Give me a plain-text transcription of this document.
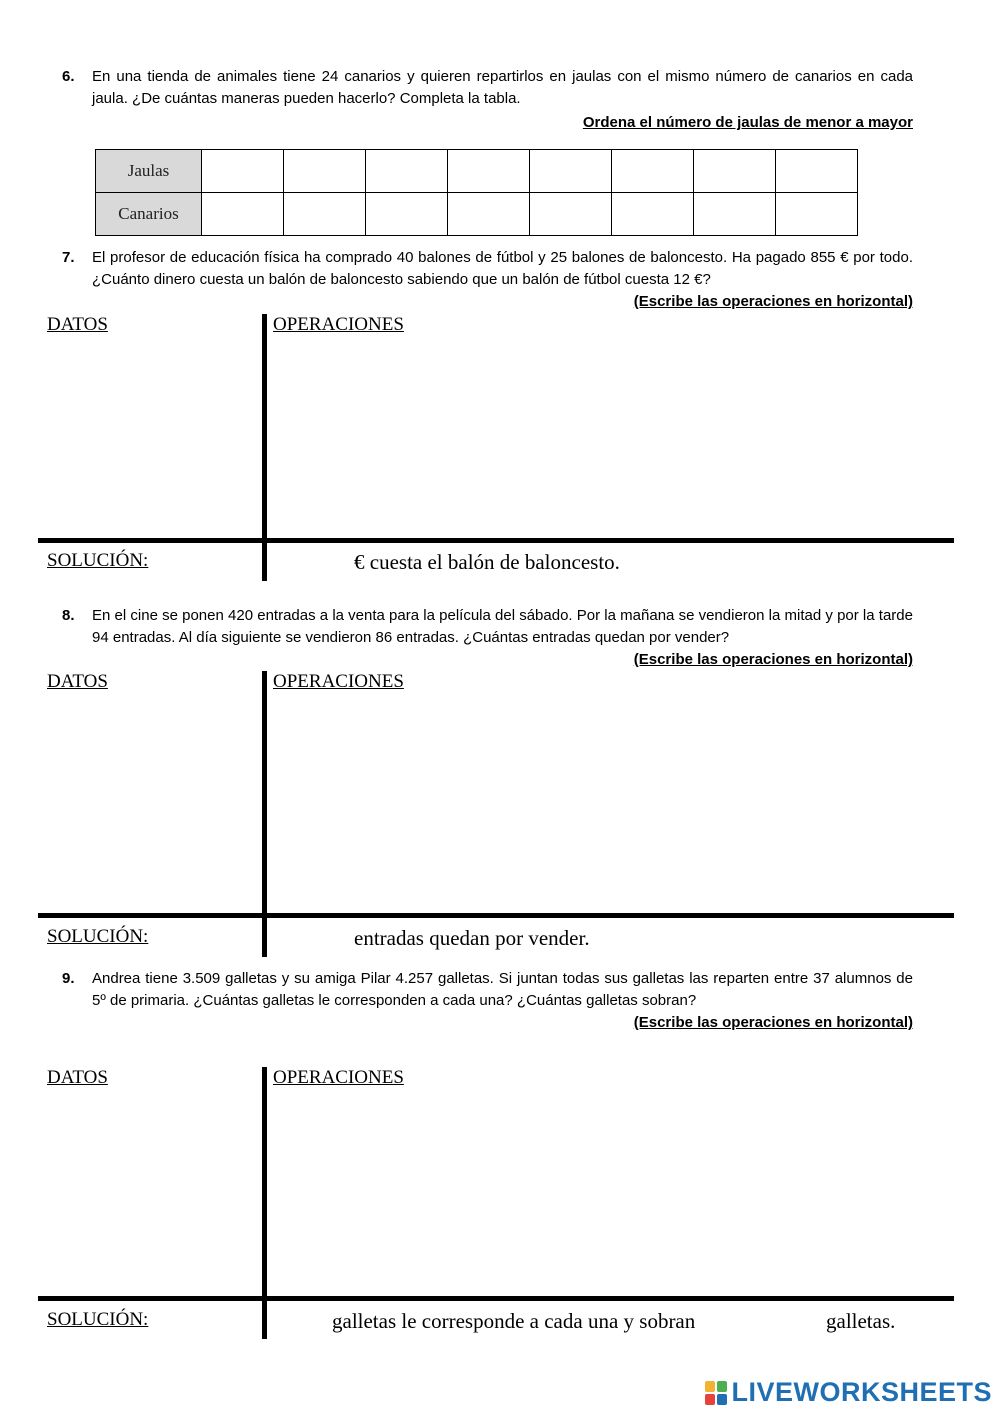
6. En una tienda de animales tiene 24 canarios y quieren repartirlos en jaulas con el mismo número de canarios en cada jaula. ¿De cuántas maneras pueden hacerlo? Completa la tabla.
Ordena el número de jaulas de menor a mayor
Jaulas								
Canarios								
7. El profesor de educación física ha comprado 40 balones de fútbol y 25 balones de baloncesto. Ha pagado 855 € por todo. ¿Cuánto dinero cuesta un balón de baloncesto sabiendo que un balón de fútbol cuesta 12 €?
(Escribe las operaciones en horizontal)
DATOS	OPERACIONES
SOLUCIÓN:	€ cuesta el balón de baloncesto.
8. En el cine se ponen 420 entradas a la venta para la película del sábado. Por la mañana se vendieron la mitad y por la tarde 94 entradas. Al día siguiente se vendieron 86 entradas. ¿Cuántas entradas quedan por vender?
(Escribe las operaciones en horizontal)
DATOS	OPERACIONES
SOLUCIÓN:	entradas quedan por vender.
9. Andrea tiene 3.509 galletas y su amiga Pilar 4.257 galletas. Si juntan todas sus galletas las reparten entre 37 alumnos de 5º de primaria. ¿Cuántas galletas le corresponden a cada una? ¿Cuántas galletas sobran?
(Escribe las operaciones en horizontal)
DATOS	OPERACIONES
SOLUCIÓN:	galletas le corresponde a cada una y sobran	galletas.
LIVEWORKSHEETS
